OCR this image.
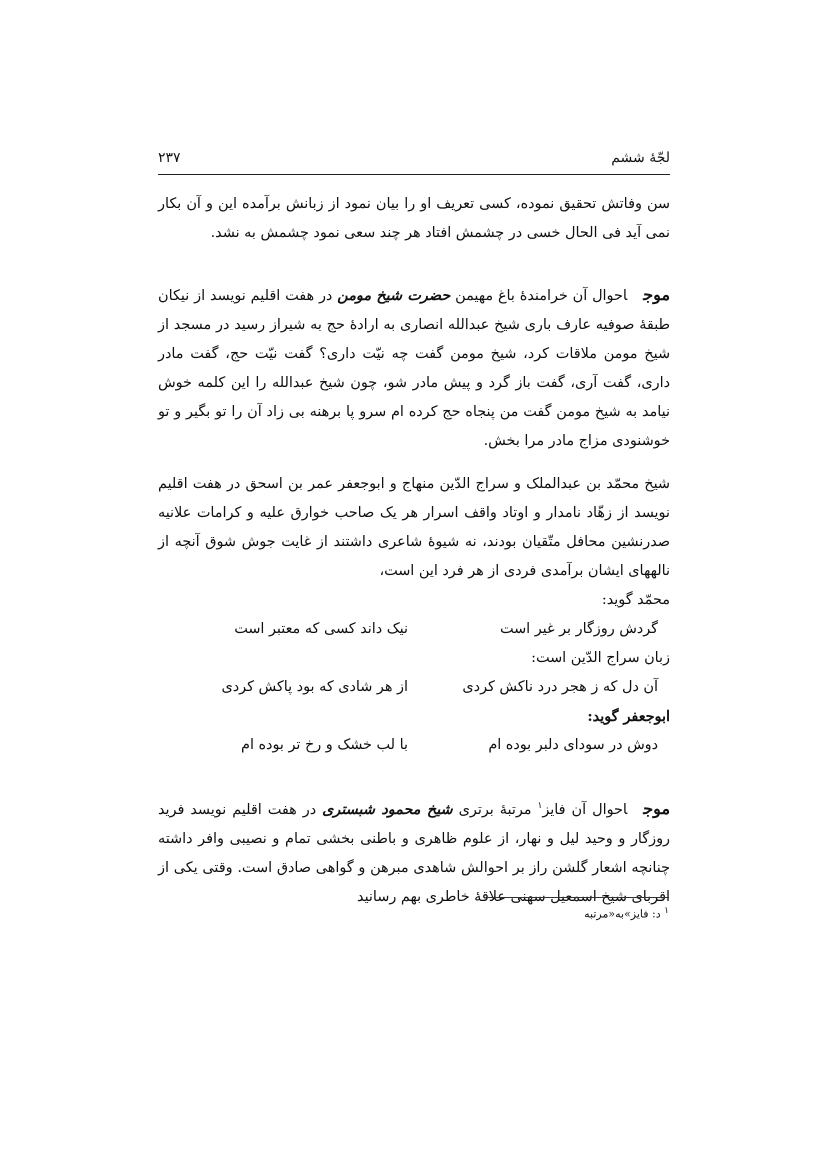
لجّهٔ ششم
۲۳۷

سن وفاتش تحقیق نموده، کسی تعریف او را بیان نمود از زبانش برآمده این و آن بکار نمی آید فی الحال خسی در چشمش افتاد هر چند سعی نمود چشمش به نشد.

موجاحوال آن خرامندهٔ باغ مهیمن حضرت شیخ مومن در هفت اقلیم نویسد از نیکان طبقهٔ صوفیه عارف باری شیخ عبدالله انصاری به ارادهٔ حج به شیراز رسید در مسجد از شیخ مومن ملاقات کرد، شیخ مومن گفت چه نیّت داری؟ گفت نیّت حج، گفت مادر داری، گفت آری، گفت باز گرد و پیش مادر شو، چون شیخ عبدالله را این کلمه خوش نیامد به شیخ مومن گفت من پنجاه حج کرده ام سرو پا برهنه بی زاد آن را تو بگیر و تو خوشنودی مزاج مادر مرا بخش.

شیخ محمّد بن عبدالملک و سراج الدّین منهاج و ابوجعفر عمر بن اسحق در هفت اقلیم نویسد از زهّاد نامدار و اوتاد واقف اسرار هر یک صاحب خوارق علیه و کرامات علانیه صدرنشین محافل متّقیان بودند، نه شیوهٔ شاعری داشتند از غایت جوش شوق آنچه از نالههای ایشان برآمدی فردی از هر فرد این است،

محمّد گوید:
گردش روزگار بر غیر است
نیک داند کسی که معتبر است
زبان سراج الدّین است:
آن دل که ز هجر درد ناکش کردی
از هر شادی که بود پاکش کردی
ابوجعفر گوید:
دوش در سودای دلبر بوده ام
با لب خشک و رخ تر بوده ام

موجاحوال آن فایز$^۱$ مرتبهٔ برتری شیخ محمود شبستری در هفت اقلیم نویسد فرید روزگار و وحید لیل و نهار، از علوم ظاهری و باطنی بخشی تمام و نصیبی وافر داشته چنانچه اشعار گلشن راز بر احوالش شاهدی مبرهن و گواهی صادق است. وقتی یکی از اقربای شیخ اسمعیل سهنی علاقهٔ خاطری بهم رسانید

$^۱$ د: فایز»به«مرتبه
